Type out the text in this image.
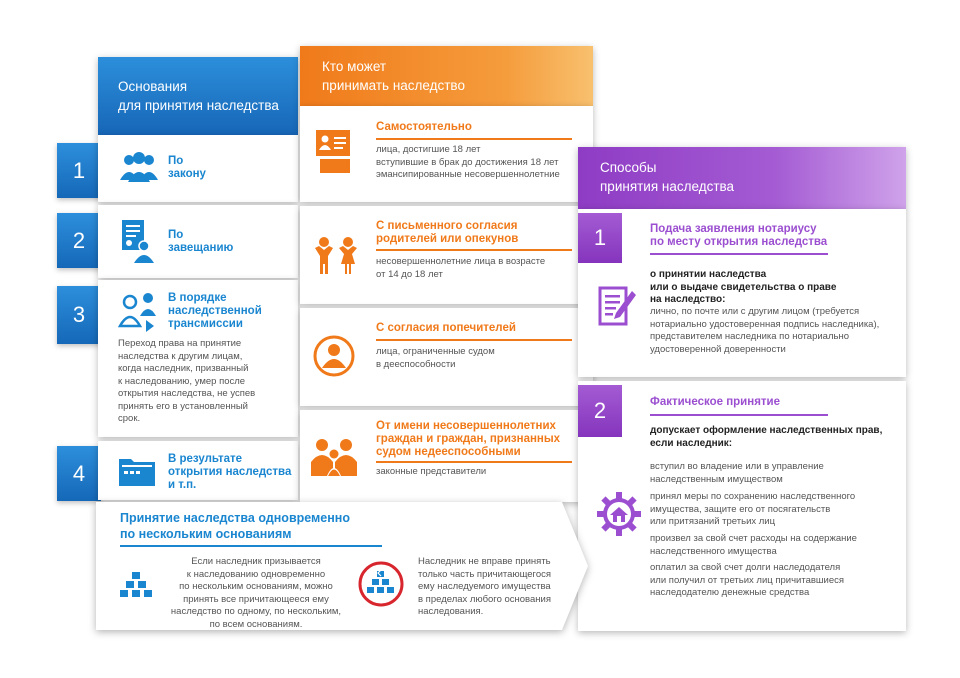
Основания
для принятия наследства
1	По
закону
2	По
завещанию
3
В порядке
наследственной
трансмиссии
Переход права на принятие
наследства к другим лицам,
когда наследник, призванный
к наследованию, умер после
открытия наследства, не успев
принять его в установленный
срок.
4
В результате
открытия наследства
и т.п.
Кто может
принимать наследство
Самостоятельно
лица, достигшие 18 лет
вступившие в брак до достижения 18 лет
эмансипированные несовершеннолетние
С письменного согласия
родителей или опекунов
несовершеннолетние лица в возрасте
от 14 до 18 лет
С согласия попечителей
лица, ограниченные судом
в дееспособности
От имени несовершеннолетних
граждан и граждан, признанных
судом недееспособными
законные представители
Способы
принятия наследства
1	Подача заявления нотариусу
по месту открытия наследства
о принятии наследства
или о выдаче свидетельства о праве
на наследство:
лично, по почте или с другим лицом (требуется
нотариально удостоверенная подпись наследника),
представителем наследника по нотариально
удостоверенной доверенности
2	Фактическое принятие
допускает оформление наследственных прав,
если наследник:
вступил во владение или в управление
наследственным имуществом
принял меры по сохранению наследственного
имущества, защите его от посягательств
или притязаний третьих лиц
произвел за свой счет расходы на содержание
наследственного имущества
оплатил за свой счет долги наследодателя
или получил от третьих лиц причитавшиеся
наследодателю денежные средства
Принятие наследства одновременно
по нескольким основаниям
Если наследник призывается
к наследованию одновременно
по нескольким основаниям, можно
принять все причитающееся ему
наследство по одному, по нескольким,
по всем основаниям.
Наследник не вправе принять
только часть причитающегося
ему наследуемого имущества
в пределах любого основания
наследования.
